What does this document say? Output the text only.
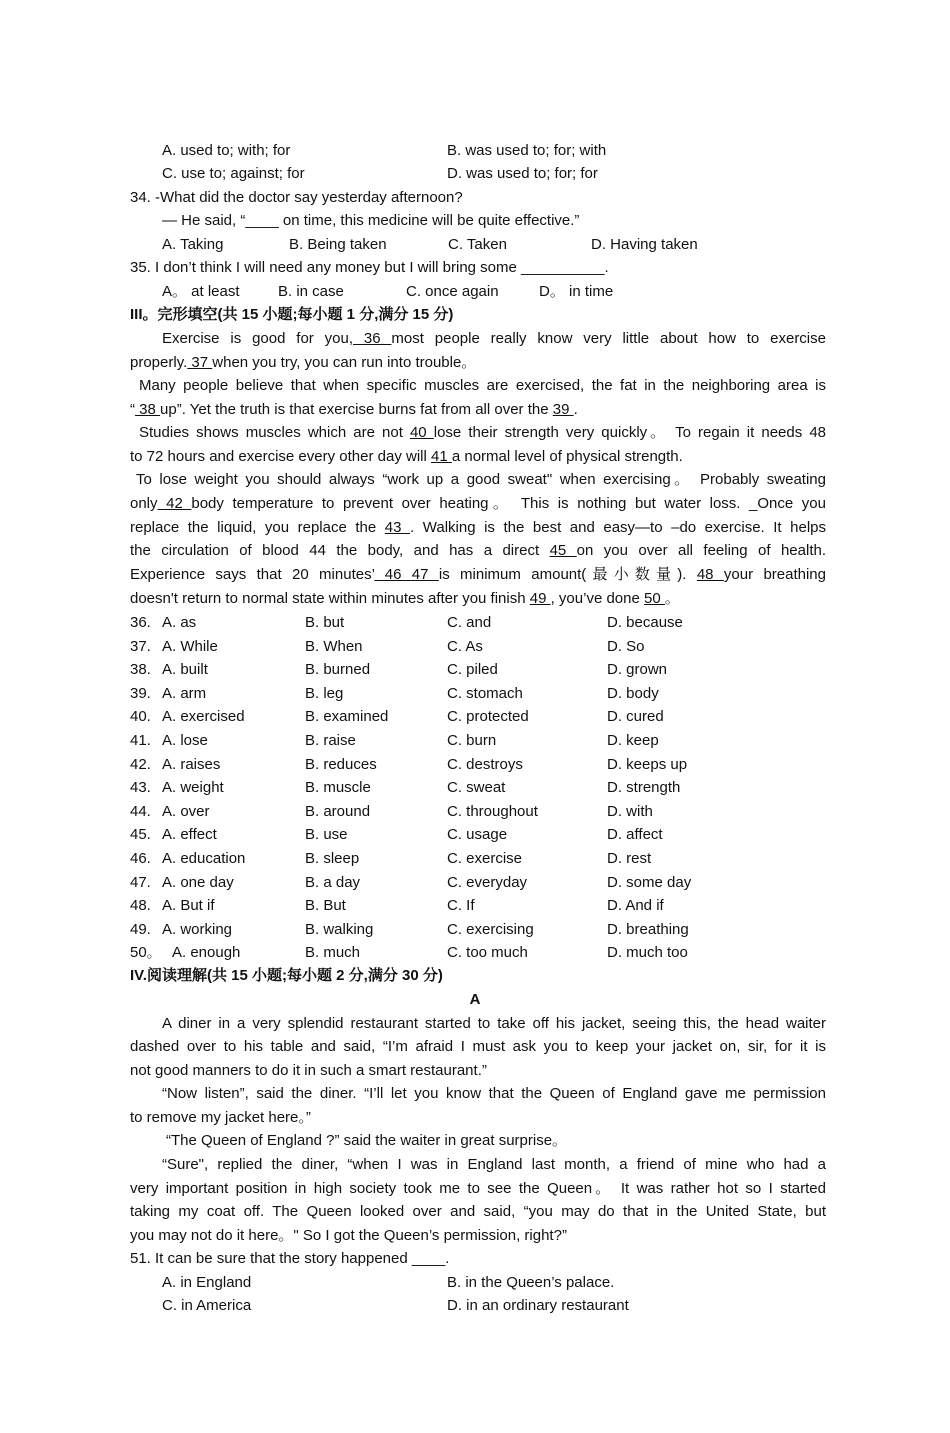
A. used to; with; for	B. was used to; for; with
C. use to; against; for	D. was used to; for; for
34. -What did the doctor say yesterday afternoon?
— He said, “____ on time, this medicine will be quite effective.”
A. Taking	B. Being taken	C. Taken	D. Having taken
35. I don’t think I will need any money but I will bring some __________.
A。 at least	B. in case	C. once again	D。 in time
III。完形填空(共 15 小题;每小题 1 分,满分 15 分)
Exercise is good for you, 36 most people really know very little about how to exercise
properly. 37 when you try, you can run into trouble。
Many people believe that when specific muscles are exercised, the fat in the neighboring area is
“ 38 up”. Yet the truth is that exercise burns fat from all over the 39 .
Studies shows muscles which are not 40 lose their strength very quickly。 To regain it needs 48
to 72 hours and exercise every other day will 41 a normal level of physical strength.
To lose weight you should always “work up a good sweat" when exercising。 Probably sweating
only 42 body temperature to prevent over heating。 This is nothing but water loss. _Once you
replace the liquid, you replace the 43 . Walking is the best and easy—to –do exercise. It helps
the circulation of blood 44 the body, and has a direct 45 on you over all feeling of health.
Experience says that 20 minutes’ 46 47 is minimum amount(最小数量). 48 your breathing
doesn't return to normal state within minutes after you finish 49 , you’ve done 50 。
36. A. as	B. but	C. and	D. because
37. A. While	B. When	C. As	D. So
38. A. built	B. burned	C. piled	D. grown
39. A. arm	B. leg	C. stomach	D. body
40. A. exercised	B. examined	C. protected	D. cured
41. A. lose	B. raise	C. burn	D. keep
42. A. raises	B. reduces	C. destroys	D. keeps up
43. A. weight	B. muscle	C. sweat	D. strength
44. A. over	B. around	C. throughout	D. with
45. A. effect	B. use	C. usage	D. affect
46. A. education	B. sleep	C. exercise	D. rest
47. A. one day	B. a day	C. everyday	D. some day
48. A. But if	B. But	C. If	D. And if
49. A. working	B. walking	C. exercising	D. breathing
50。 A. enough	B. much	C. too much	D. much too
IV.阅读理解(共 15 小题;每小题 2 分,满分 30 分)
A
A diner in a very splendid restaurant started to take off his jacket, seeing this, the head waiter
dashed over to his table and said, “I’m afraid I must ask you to keep your jacket on, sir, for it is
not good manners to do it in such a smart restaurant.”
“Now listen”, said the diner. “I’ll let you know that the Queen of England gave me permission
to remove my jacket here。”
“The Queen of England ?” said the waiter in great surprise。
“Sure", replied the diner, “when I was in England last month, a friend of mine who had a
very important position in high society took me to see the Queen。 It was rather hot so I started
taking my coat off. The Queen looked over and said, “you may do that in the United State, but
you may not do it here。" So I got the Queen’s permission, right?”
51. It can be sure that the story happened ____.
A. in England	B. in the Queen’s palace.
C. in America	D. in an ordinary restaurant
